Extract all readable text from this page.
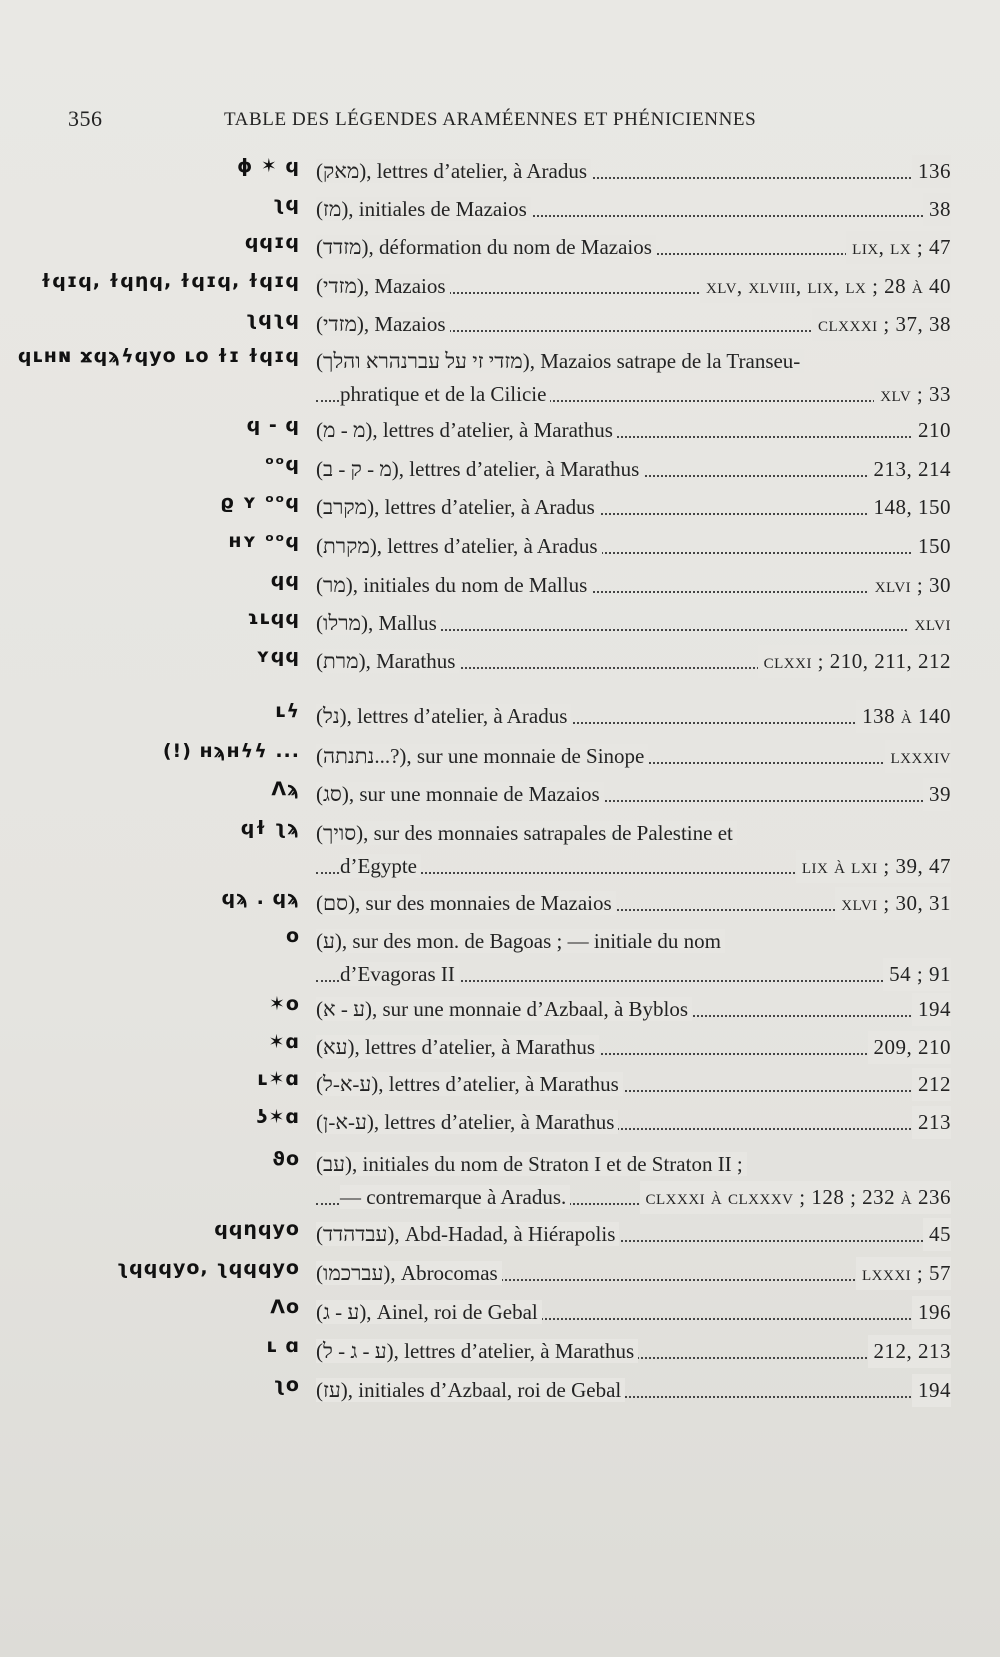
356	TABLE DES LÉGENDES ARAMÉENNES ET PHÉNICIENNES
ϕ ✶ ϥ (מאק), lettres d’atelier, à Aradus	136
ʅϥ (מז), initiales de Mazaios	38
ϥϥɪϥ (מזדד), déformation du nom de Mazaios	lix, lx ; 47
ɫϥɪϥ, ɫϥƞϥ, ɫϥɪϥ, ɫϥɪϥ (מזדי), Mazaios	xlv, xlviii, lix, lx ; 28 à 40
ʅϥʅϥ (מזדי), Mazaios	clxxxi ; 37, 38
ϥʟʜɴ ϫϥϡϟϥyo ʟo ɫɪ ɫϥɪϥ (מזדי זי על עברנהרא והלך), Mazaios satrape de la Transeu-
phratique et de la Cilicie	xlv ; 33
ϥ - ϥ (מ - מ), lettres d’atelier, à Marathus	210
ᵒᵒϥ (מ - ק - ב), lettres d’atelier, à Marathus	213, 214
ϱ ʏ ᵒᵒϥ (מקרב), lettres d’atelier, à Aradus	148, 150
ʜʏ ᵒᵒϥ (מקרת), lettres d’atelier, à Aradus	150
ϥϥ (מר), initiales du nom de Mallus	xlvi ; 30
ɿʟϥϥ (מרלו), Mallus	xlvi
ʏϥϥ (מרת), Marathus	clxxi ; 210, 211, 212
ʟϟ (נל), lettres d’atelier, à Aradus	138 à 140
(!) ʜϡʜϟϟ ... (נתנתה...?), sur une monnaie de Sinope	lxxxiv
Λϡ (סג), sur une monnaie de Mazaios	39
ϥɫ ʅϡ (סויך), sur des monnaies satrapales de Palestine et
d’Egypte	lix à lxi ; 39, 47
ϥϡ . ϥϡ (סם), sur des monnaies de Mazaios	xlvi ; 30, 31
o (ע), sur des mon. de Bagoas ; — initiale du nom
d’Evagoras II	54 ; 91
✶o (ע - א), sur une monnaie d’Azbaal, à Byblos	194
✶ɑ (עא), lettres d’atelier, à Marathus	209, 210
ʟ✶ɑ (ע-א-ל), lettres d’atelier, à Marathus	212
ʖ✶ɑ (ע-א-ן), lettres d’atelier, à Marathus	213
ϑo (עב), initiales du nom de Straton I et de Straton II ;
— contremarque à Aradus.	clxxxi à clxxxv ; 128 ; 232 à 236
ϥϥƞϥyo (עבדהדד), Abd-Hadad, à Hiérapolis	45
ʅϥϥϥyo, ʅϥϥϥyo (עברכמו), Abrocomas	lxxxi ; 57
Λo (ע - ג), Ainel, roi de Gebal	196
ʟ ɑ (ע - ג - ל), lettres d’atelier, à Marathus	212, 213
ʅo (עז), initiales d’Azbaal, roi de Gebal	194
